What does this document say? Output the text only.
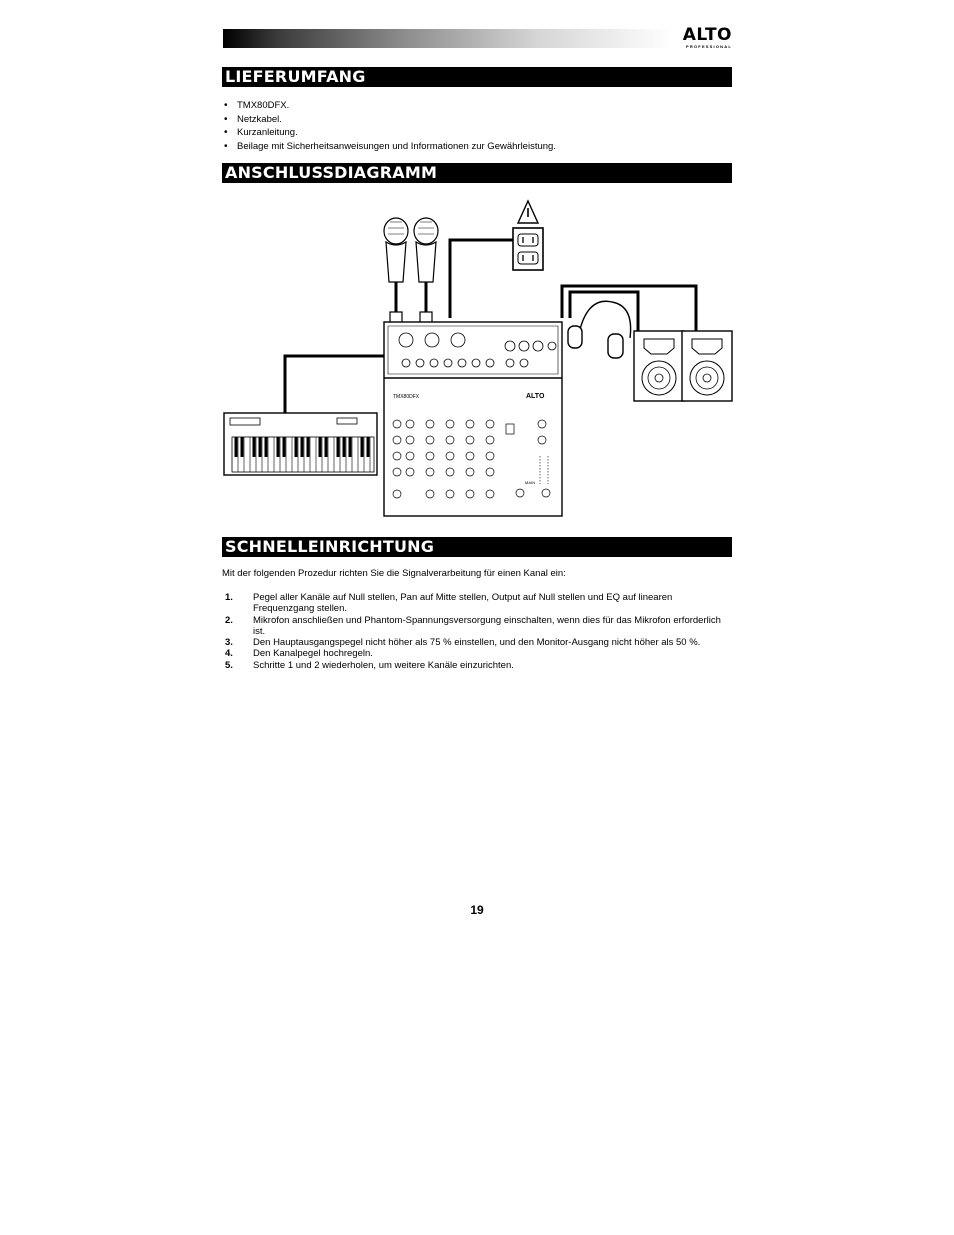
ALTO
PROFESSIONAL
LIEFERUMFANG
• TMX80DFX.
• Netzkabel.
• Kurzanleitung.
• Beilage mit Sicherheitsanweisungen und Informationen zur Gewährleistung.
ANSCHLUSSDIAGRAMM
TMX80DFX	ALTO
MAIN
SCHNELLEINRICHTUNG
Mit der folgenden Prozedur richten Sie die Signalverarbeitung für einen Kanal ein:
1. Pegel aller Kanäle auf Null stellen, Pan auf Mitte stellen, Output auf Null stellen und EQ auf linearen Frequenzgang stellen.
2. Mikrofon anschließen und Phantom-Spannungsversorgung einschalten, wenn dies für das Mikrofon erforderlich ist.
3. Den Hauptausgangspegel nicht höher als 75 % einstellen, und den Monitor-Ausgang nicht höher als 50 %.
4. Den Kanalpegel hochregeln.
5. Schritte 1 und 2 wiederholen, um weitere Kanäle einzurichten.
19
